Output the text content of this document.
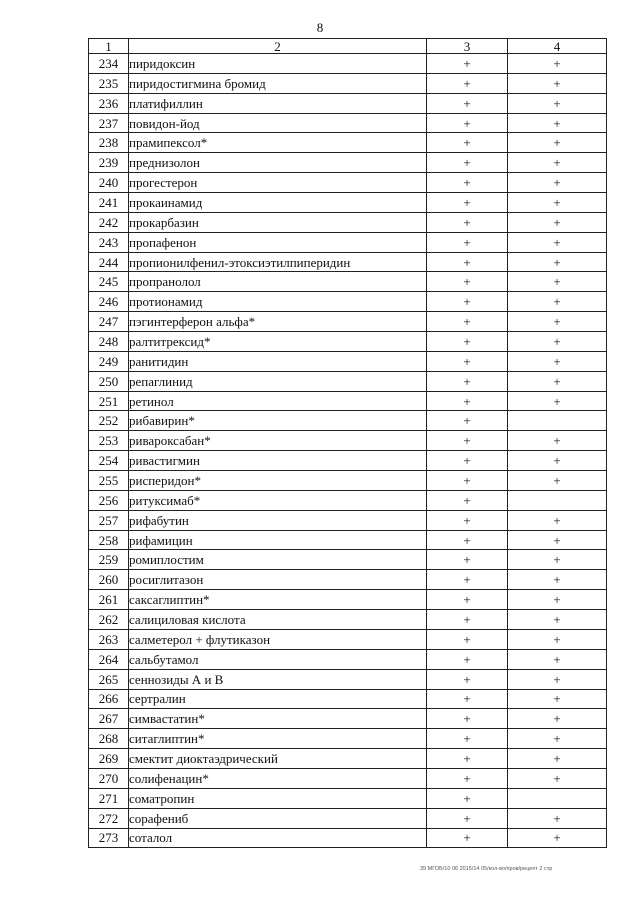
8
1	2	3	4
234	пиридоксин	+	+
235	пиридостигмина бромид	+	+
236	платифиллин	+	+
237	повидон-йод	+	+
238	прамипексол*	+	+
239	преднизолон	+	+
240	прогестерон	+	+
241	прокаинамид	+	+
242	прокарбазин	+	+
243	пропафенон	+	+
244	пропионилфенил-этоксиэтилпиперидин	+	+
245	пропранолол	+	+
246	протионамид	+	+
247	пэгинтерферон альфа*	+	+
248	ралтитрексид*	+	+
249	ранитидин	+	+
250	репаглинид	+	+
251	ретинол	+	+
252	рибавирин*	+	
253	ривароксабан*	+	+
254	ривастигмин	+	+
255	рисперидон*	+	+
256	ритуксимаб*	+	
257	рифабутин	+	+
258	рифамицин	+	+
259	ромиплостим	+	+
260	росиглитазон	+	+
261	саксаглиптин*	+	+
262	салициловая кислота	+	+
263	салметерол + флутиказон	+	+
264	сальбутамол	+	+
265	сеннозиды А и В	+	+
266	сертралин	+	+
267	симвастатин*	+	+
268	ситаглиптин*	+	+
269	смектит диоктаэдрический	+	+
270	солифенацин*	+	+
271	соматропин	+	
272	сорафениб	+	+
273	соталол	+	+
39 МГОБ/10 06 2015/14 05/кол-во/пров/рецепт 2 стр
